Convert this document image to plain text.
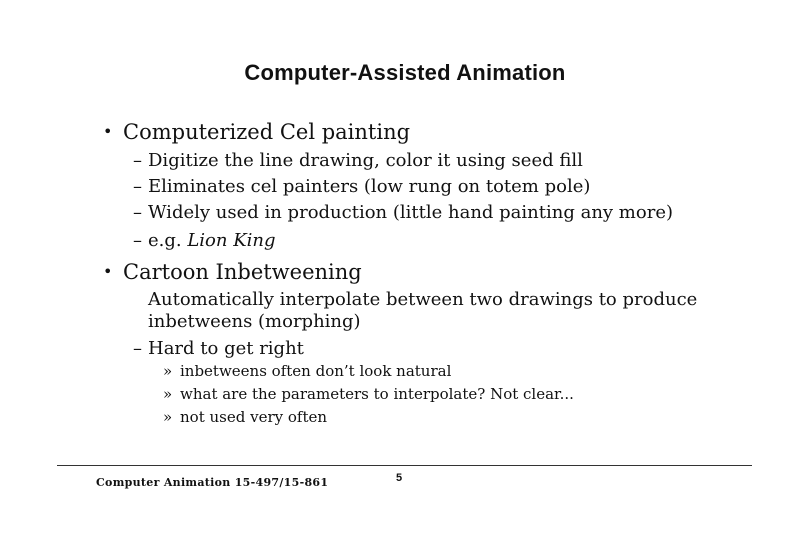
Computer-Assisted Animation
• Computerized Cel painting
– Digitize the line drawing, color it using seed fill
– Eliminates cel painters (low rung on totem pole)
– Widely used in production (little hand painting any more)
– e.g. Lion King
• Cartoon Inbetweening
Automatically interpolate between two drawings to produce
inbetweens (morphing)
– Hard to get right
» inbetweens often don’t look natural
» what are the parameters to interpolate? Not clear...
» not used very often
Computer Animation 15-497/15-861	5
